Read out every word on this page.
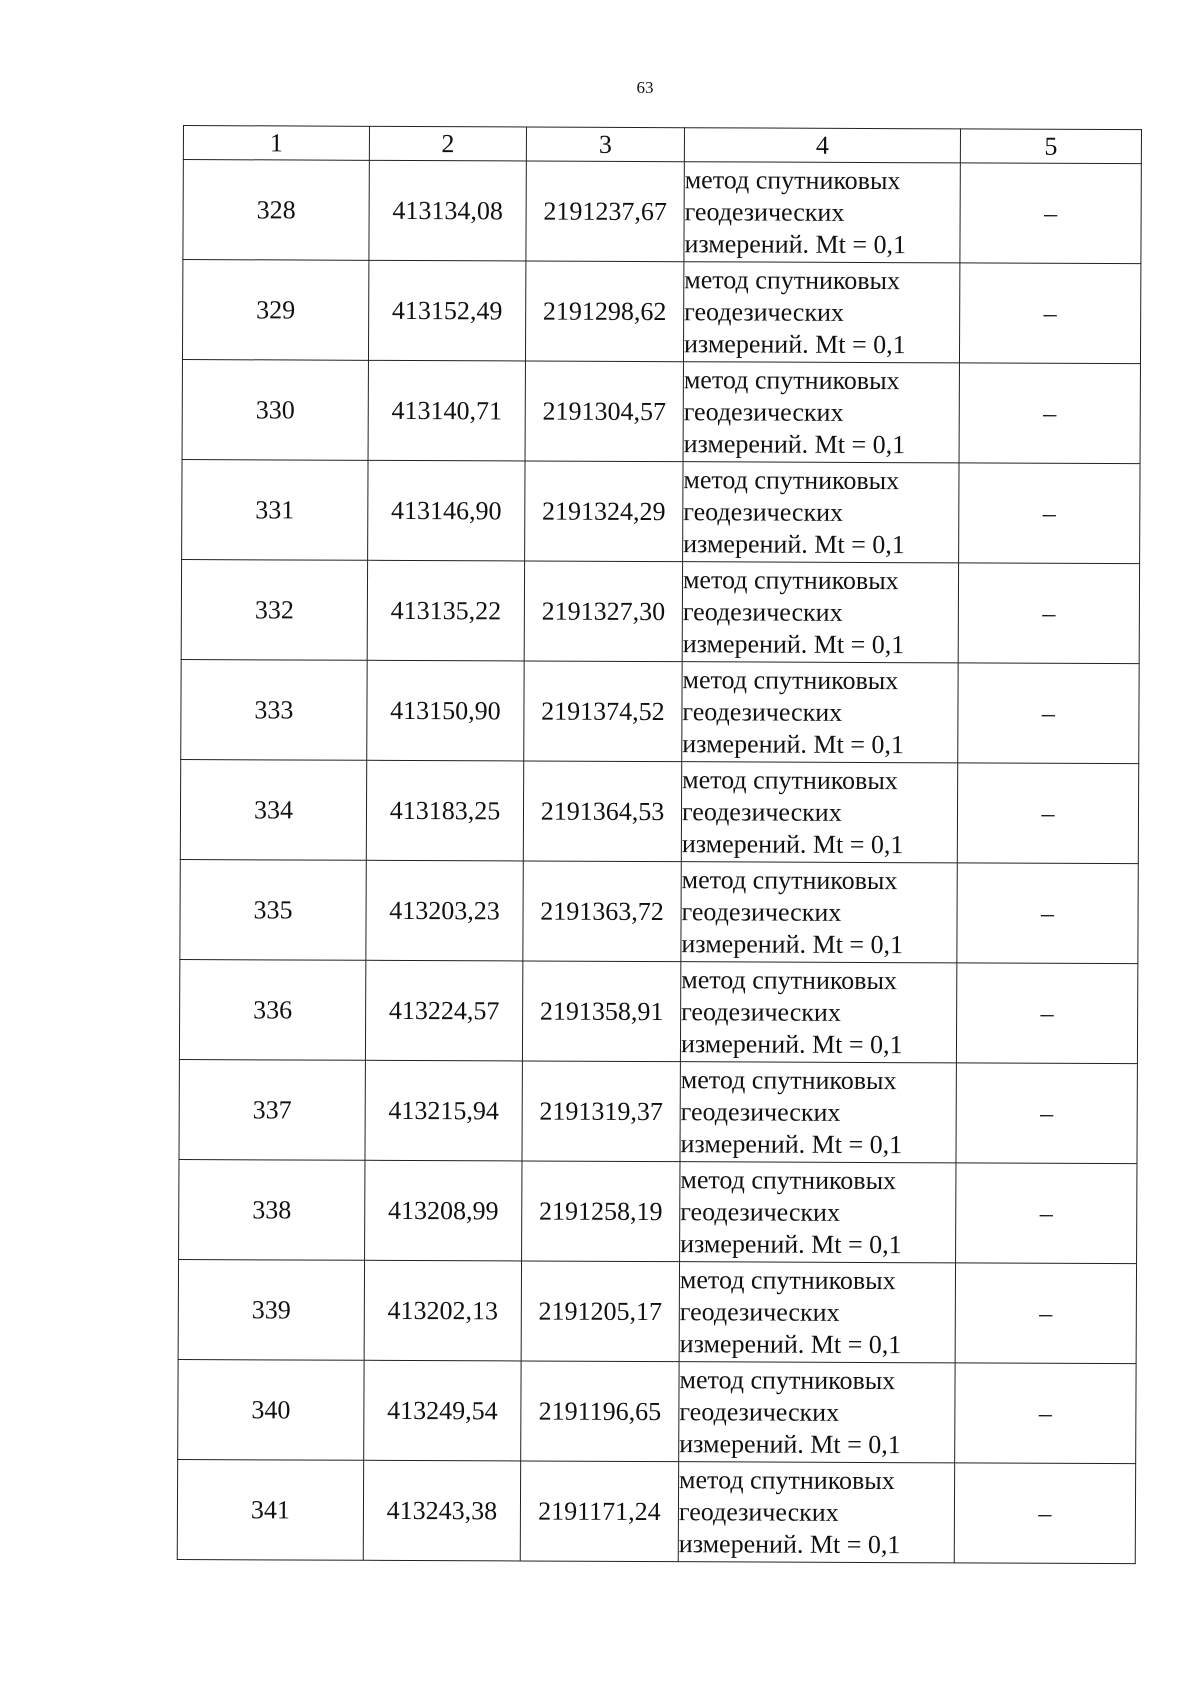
63
1	2	3	4	5
328	413134,08	2191237,67	метод спутниковых
геодезических
измерений. Mt = 0,1	–
329	413152,49	2191298,62	метод спутниковых
геодезических
измерений. Mt = 0,1	–
330	413140,71	2191304,57	метод спутниковых
геодезических
измерений. Mt = 0,1	–
331	413146,90	2191324,29	метод спутниковых
геодезических
измерений. Mt = 0,1	–
332	413135,22	2191327,30	метод спутниковых
геодезических
измерений. Mt = 0,1	–
333	413150,90	2191374,52	метод спутниковых
геодезических
измерений. Mt = 0,1	–
334	413183,25	2191364,53	метод спутниковых
геодезических
измерений. Mt = 0,1	–
335	413203,23	2191363,72	метод спутниковых
геодезических
измерений. Mt = 0,1	–
336	413224,57	2191358,91	метод спутниковых
геодезических
измерений. Mt = 0,1	–
337	413215,94	2191319,37	метод спутниковых
геодезических
измерений. Mt = 0,1	–
338	413208,99	2191258,19	метод спутниковых
геодезических
измерений. Mt = 0,1	–
339	413202,13	2191205,17	метод спутниковых
геодезических
измерений. Mt = 0,1	–
340	413249,54	2191196,65	метод спутниковых
геодезических
измерений. Mt = 0,1	–
341	413243,38	2191171,24	метод спутниковых
геодезических
измерений. Mt = 0,1	–
